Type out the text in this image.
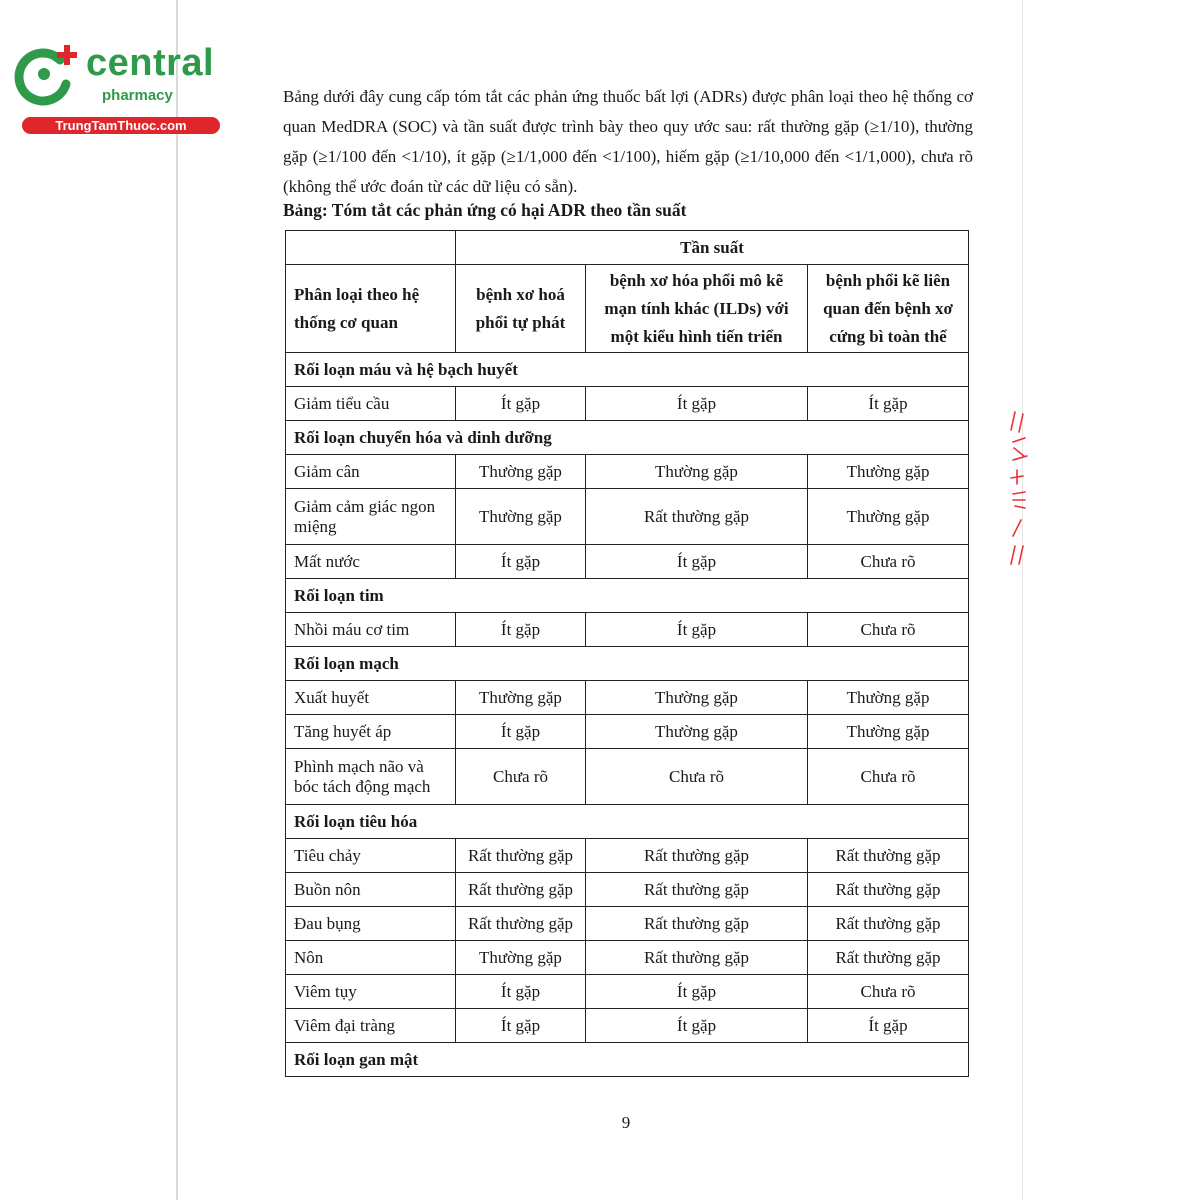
central
pharmacy
TrungTamThuoc.com
Bảng dưới đây cung cấp tóm tắt các phản ứng thuốc bất lợi (ADRs) được phân loại theo hệ thống cơ quan MedDRA (SOC) và tần suất được trình bày theo quy ước sau: rất thường gặp (≥1/10), thường gặp (≥1/100 đến <1/10), ít gặp (≥1/1,000 đến <1/100), hiếm gặp (≥1/10,000 đến <1/1,000), chưa rõ (không thể ước đoán từ các dữ liệu có sẵn).
Bảng: Tóm tắt các phản ứng có hại ADR theo tần suất
	Tần suất		
Phân loại theo hệ thống cơ quan	bệnh xơ hoá phổi tự phát	bệnh xơ hóa phổi mô kẽ mạn tính khác (ILDs) với một kiểu hình tiến triển	bệnh phổi kẽ liên quan đến bệnh xơ cứng bì toàn thể
Rối loạn máu và hệ bạch huyết			
Giảm tiểu cầu	Ít gặp	Ít gặp	Ít gặp
Rối loạn chuyển hóa và dinh dưỡng			
Giảm cân	Thường gặp	Thường gặp	Thường gặp
Giảm cảm giác ngon miệng	Thường gặp	Rất thường gặp	Thường gặp
Mất nước	Ít gặp	Ít gặp	Chưa rõ
Rối loạn tim			
Nhồi máu cơ tim	Ít gặp	Ít gặp	Chưa rõ
Rối loạn mạch			
Xuất huyết	Thường gặp	Thường gặp	Thường gặp
Tăng huyết áp	Ít gặp	Thường gặp	Thường gặp
Phình mạch não và bóc tách động mạch	Chưa rõ	Chưa rõ	Chưa rõ
Rối loạn tiêu hóa			
Tiêu chảy	Rất thường gặp	Rất thường gặp	Rất thường gặp
Buồn nôn	Rất thường gặp	Rất thường gặp	Rất thường gặp
Đau bụng	Rất thường gặp	Rất thường gặp	Rất thường gặp
Nôn	Thường gặp	Rất thường gặp	Rất thường gặp
Viêm tụy	Ít gặp	Ít gặp	Chưa rõ
Viêm đại tràng	Ít gặp	Ít gặp	Ít gặp
Rối loạn gan mật			
9
